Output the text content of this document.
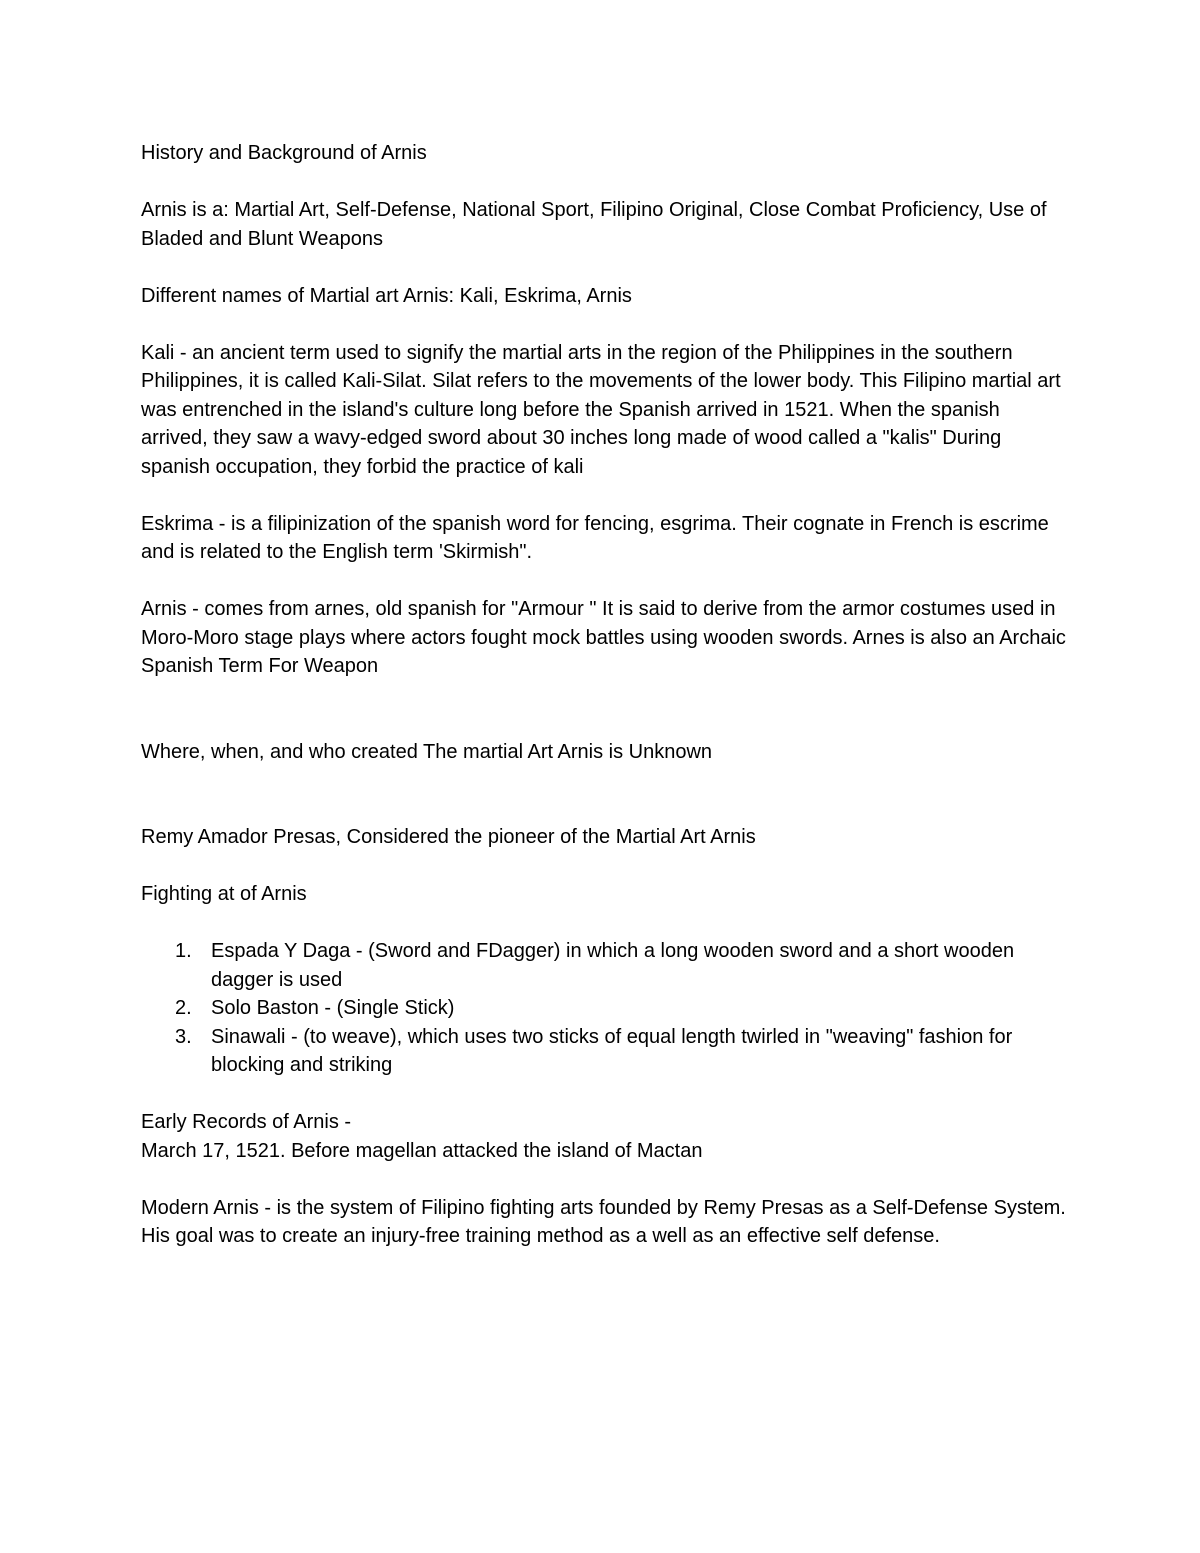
History and Background of Arnis

Arnis is a: Martial Art, Self-Defense, National Sport, Filipino Original, Close Combat Proficiency, Use of Bladed and Blunt Weapons

Different names of Martial art Arnis: Kali, Eskrima, Arnis

Kali - an ancient term used to signify the martial arts in the region of the Philippines in the southern Philippines, it is called Kali-Silat. Silat refers to the movements of the lower body. This Filipino martial art was entrenched in the island's culture long before the Spanish arrived in 1521. When the spanish arrived, they saw a wavy-edged sword about 30 inches long made of wood called a "kalis" During spanish occupation, they forbid the practice of kali

Eskrima - is a filipinization of the spanish word for fencing, esgrima. Their cognate in French is escrime and is related to the English term 'Skirmish".

Arnis - comes from arnes, old spanish for "Armour " It is said to derive from the armor costumes used in Moro-Moro stage plays where actors fought mock battles using wooden swords. Arnes is also an Archaic Spanish Term For Weapon

Where, when, and who created The martial Art Arnis is Unknown

Remy Amador Presas, Considered the pioneer of the Martial Art Arnis

Fighting at of Arnis

1. Espada Y Daga - (Sword and FDagger) in which a long wooden sword and a short wooden dagger is used
2. Solo Baston - (Single Stick)
3. Sinawali - (to weave), which uses two sticks of equal length twirled in "weaving" fashion for blocking and striking

Early Records of Arnis -

March 17, 1521. Before magellan attacked the island of Mactan

Modern Arnis - is the system of Filipino fighting arts founded by Remy Presas as a Self-Defense System. His goal was to create an injury-free training method as a well as an effective self defense.
